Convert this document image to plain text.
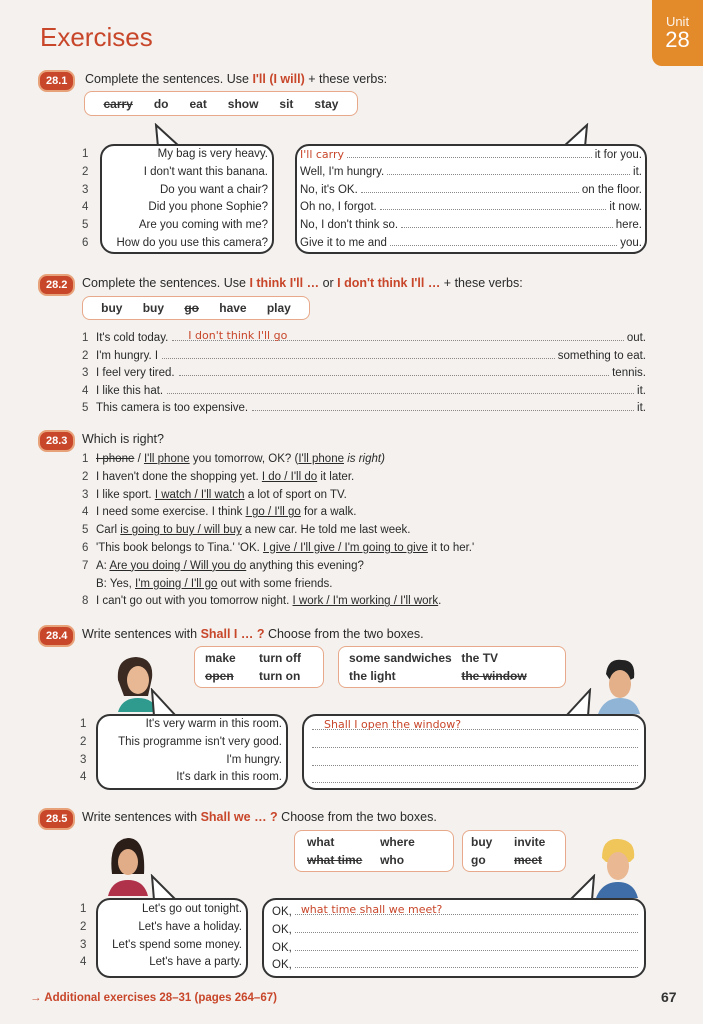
Exercises
Unit
28
28.1	Complete the sentences. Use I'll (I will) + these verbs:
carry do eat show sit stay
1	My bag is very heavy.	I'll carry	it for you.
2	I don't want this banana.	Well, I'm hungry.	it.
3	Do you want a chair?	No, it's OK.	on the floor.
4	Did you phone Sophie?	Oh no, I forgot.	it now.
5	Are you coming with me?	No, I don't think so.	here.
6	How do you use this camera?	Give it to me and	you.
28.2	Complete the sentences. Use I think I'll … or I don't think I'll … + these verbs:
buy buy go have play
1 It's cold today. I don't think I'll go	out.
2 I'm hungry. I	something to eat.
3 I feel very tired.	tennis.
4 I like this hat.	it.
5 This camera is too expensive.	it.
28.3	Which is right?
1 I phone / I'll phone you tomorrow, OK? (I'll phone is right)
2 I haven't done the shopping yet. I do / I'll do it later.
3 I like sport. I watch / I'll watch a lot of sport on TV.
4 I need some exercise. I think I go / I'll go for a walk.
5 Carl is going to buy / will buy a new car. He told me last week.
6 'This book belongs to Tina.' 'OK. I give / I'll give / I'm going to give it to her.'
7 A: Are you doing / Will you do anything this evening?
B: Yes, I'm going / I'll go out with some friends.
8 I can't go out with you tomorrow night. I work / I'm working / I'll work.
28.4	Write sentences with Shall I … ? Choose from the two boxes.
make	turn off
open	turn on
some sandwiches the TV
the light	the window
1	It's very warm in this room.	Shall I open the window?
2	This programme isn't very good.
3	I'm hungry.
4	It's dark in this room.
28.5	Write sentences with Shall we … ? Choose from the two boxes.
what	where
what time	who
buy	invite
go	meet
1	Let's go out tonight.	OK, what time shall we meet?
2	Let's have a holiday.	OK,
3	Let's spend some money.	OK,
4	Let's have a party.	OK,
→ Additional exercises 28–31 (pages 264–67)	67
